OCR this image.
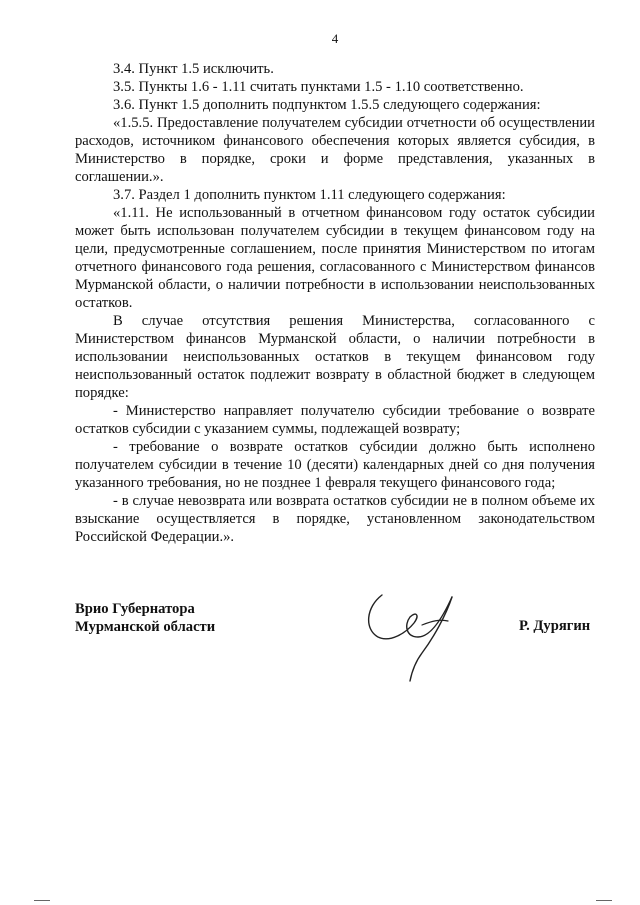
4

3.4. Пункт 1.5 исключить.

3.5. Пункты 1.6 - 1.11 считать пунктами 1.5 - 1.10 соответственно.

3.6. Пункт 1.5 дополнить подпунктом 1.5.5 следующего содержания:

«1.5.5. Предоставление получателем субсидии отчетности об осуществлении расходов, источником финансового обеспечения которых является субсидия, в Министерство в порядке, сроки и форме представления, указанных в соглашении.».

3.7. Раздел 1 дополнить пунктом 1.11 следующего содержания:

«1.11. Не использованный в отчетном финансовом году остаток субсидии может быть использован получателем субсидии в текущем финансовом году на цели, предусмотренные соглашением, после принятия Министерством по итогам отчетного финансового года решения, согласованного с Министерством финансов Мурманской области, о наличии потребности в использовании неиспользованных остатков.

В случае отсутствия решения Министерства, согласованного с Министерством финансов Мурманской области, о наличии потребности в использовании неиспользованных остатков в текущем финансовом году неиспользованный остаток подлежит возврату в областной бюджет в следующем порядке:

- Министерство направляет получателю субсидии требование о возврате остатков субсидии с указанием суммы, подлежащей возврату;

- требование о возврате остатков субсидии должно быть исполнено получателем субсидии в течение 10 (десяти) календарных дней со дня получения указанного требования, но не позднее 1 февраля текущего финансового года;

- в случае невозврата или возврата остатков субсидии не в полном объеме их взыскание осуществляется в порядке, установленном законодательством Российской Федерации.».

Врио Губернатора
Мурманской области	Р. Дурягин
